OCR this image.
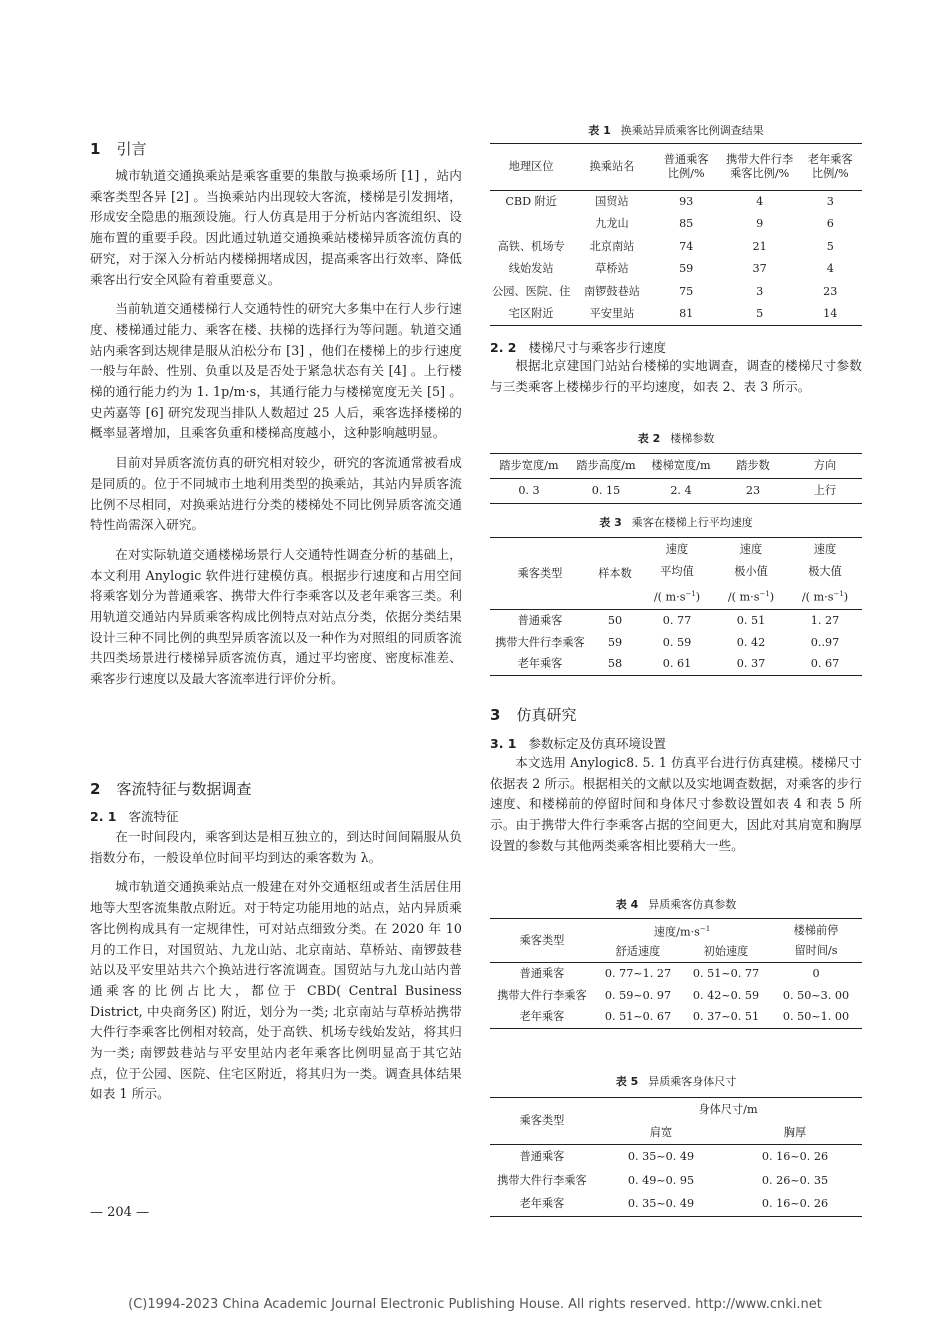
1 引言

城市轨道交通换乘站是乘客重要的集散与换乘场所 [1] ，站内乘客类型各异 [2] 。当换乘站内出现较大客流，楼梯是引发拥堵，形成安全隐患的瓶颈设施。行人仿真是用于分析站内客流组织、设施布置的重要手段。因此通过轨道交通换乘站楼梯异质客流仿真的研究，对于深入分析站内楼梯拥堵成因，提高乘客出行效率、降低乘客出行安全风险有着重要意义。

当前轨道交通楼梯行人交通特性的研究大多集中在行人步行速度、楼梯通过能力、乘客在楼、扶梯的选择行为等问题。轨道交通站内乘客到达规律是服从泊松分布 [3] ，他们在楼梯上的步行速度一般与年龄、性别、负重以及是否处于紧急状态有关 [4] 。上行楼梯的通行能力约为 1. 1p/m·s，其通行能力与楼梯宽度无关 [5] 。史芮嘉等 [6] 研究发现当排队人数超过 25 人后，乘客选择楼梯的概率显著增加，且乘客负重和楼梯高度越小，这种影响越明显。

目前对异质客流仿真的研究相对较少，研究的客流通常被看成是同质的。位于不同城市土地利用类型的换乘站，其站内异质客流比例不尽相同，对换乘站进行分类的楼梯处不同比例异质客流交通特性尚需深入研究。

在对实际轨道交通楼梯场景行人交通特性调查分析的基础上，本文利用 Anylogic 软件进行建模仿真。根据步行速度和占用空间将乘客划分为普通乘客、携带大件行李乘客以及老年乘客三类。利用轨道交通站内异质乘客构成比例特点对站点分类，依据分类结果设计三种不同比例的典型异质客流以及一种作为对照组的同质客流共四类场景进行楼梯异质客流仿真，通过平均密度、密度标准差、乘客步行速度以及最大客流率进行评价分析。

2 客流特征与数据调查
2. 1 客流特征

在一时间段内，乘客到达是相互独立的，到达时间间隔服从负指数分布，一般设单位时间平均到达的乘客数为 λ。

城市轨道交通换乘站点一般建在对外交通枢纽或者生活居住用地等大型客流集散点附近。对于特定功能用地的站点，站内异质乘客比例构成具有一定规律性，可对站点细致分类。在 2020 年 10 月的工作日，对国贸站、九龙山站、北京南站、草桥站、南锣鼓巷站以及平安里站共六个换站进行客流调查。国贸站与九龙山站内普通乘客的比例占比大，都位于 CBD( Central Business District, 中央商务区) 附近，划分为一类; 北京南站与草桥站携带大件行李乘客比例相对较高，处于高铁、机场专线始发站，将其归为一类; 南锣鼓巷站与平安里站内老年乘客比例明显高于其它站点，位于公园、医院、住宅区附近，将其归为一类。调查具体结果如表 1 所示。

— 204 —
表 1 换乘站异质乘客比例调查结果
地理区位	换乘站名	普通乘客
比例/%	携带大件行李
乘客比例/%	老年乘客
比例/%
CBD 附近	国贸站	93	4	3
	九龙山	85	9	6
高铁、机场专	北京南站	74	21	5
线始发站	草桥站	59	37	4
公园、医院、住	南锣鼓巷站	75	3	23
宅区附近	平安里站	81	5	14
2. 2 楼梯尺寸与乘客步行速度

根据北京建国门站站台楼梯的实地调查，调查的楼梯尺寸参数与三类乘客上楼梯步行的平均速度，如表 2、表 3 所示。

表 2 楼梯参数
踏步宽度/m	踏步高度/m	楼梯宽度/m	踏步数	方向
0. 3	0. 15	2. 4	23	上行
表 3 乘客在楼梯上行平均速度
乘客类型	样本数	速度
平均值
/( $m\cdot s^{-1}$)	速度
极小值
/( $m\cdot s^{-1}$)	速度
极大值
/( $m\cdot s^{-1}$)
普通乘客	50	0. 77	0. 51	1. 27
携带大件行李乘客	59	0. 59	0. 42	0..97
老年乘客	58	0. 61	0. 37	0. 67
3 仿真研究
3. 1 参数标定及仿真环境设置

本文选用 Anylogic8. 5. 1 仿真平台进行仿真建模。楼梯尺寸依据表 2 所示。根据相关的文献以及实地调查数据，对乘客的步行速度、和楼梯前的停留时间和身体尺寸参数设置如表 4 和表 5 所示。由于携带大件行李乘客占据的空间更大，因此对其肩宽和胸厚设置的参数与其他两类乘客相比要稍大一些。

表 4 异质乘客仿真参数
乘客类型	速度$/m\cdot s^{-1}$		楼梯前停
留时间/s
	舒适速度	初始速度	
普通乘客	0. 77~1. 27	0. 51~0. 77	0
携带大件行李乘客	0. 59~0. 97	0. 42~0. 59	0. 50~3. 00
老年乘客	0. 51~0. 67	0. 37~0. 51	0. 50~1. 00
表 5 异质乘客身体尺寸
乘客类型	身体尺寸/m	
	肩宽	胸厚
普通乘客	0. 35~0. 49	0. 16~0. 26
携带大件行李乘客	0. 49~0. 95	0. 26~0. 35
老年乘客	0. 35~0. 49	0. 16~0. 26
(C)1994-2023 China Academic Journal Electronic Publishing House. All rights reserved. http://www.cnki.net
